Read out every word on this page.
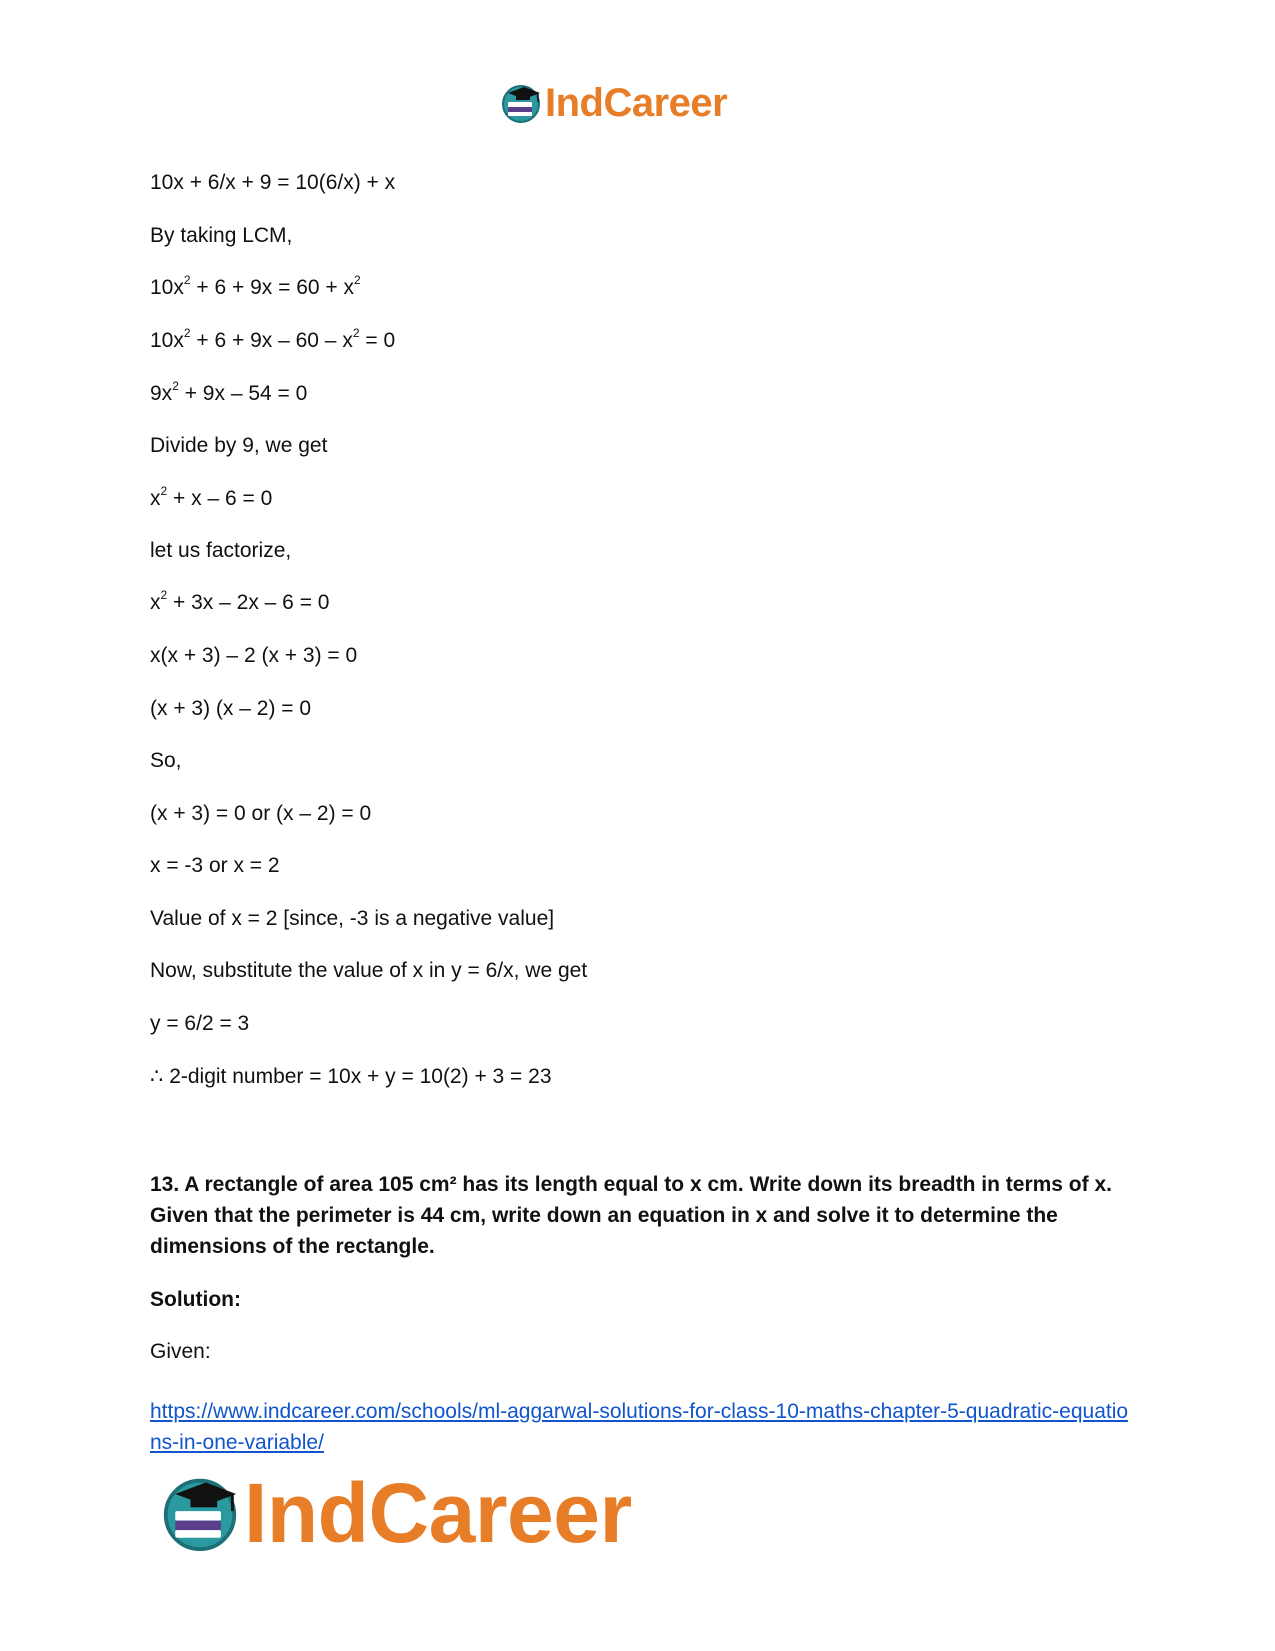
IndCareer
10x + 6/x + 9 = 10(6/x) + x
By taking LCM,
$10x^2 + 6 + 9x = 60 + x^2$
$10x^2 + 6 + 9x - 60 - x^2 = 0$
$9x^2 + 9x - 54 = 0$
Divide by 9, we get
$x^2 + x - 6 = 0$
let us factorize,
$x^2 + 3x - 2x - 6 = 0$
x(x + 3) – 2 (x + 3) = 0
(x + 3) (x – 2) = 0
So,
(x + 3) = 0 or (x – 2) = 0
x = -3 or x = 2
Value of x = 2 [since, -3 is a negative value]
Now, substitute the value of x in y = 6/x, we get
y = 6/2 = 3
∴ 2-digit number = 10x + y = 10(2) + 3 = 23
13. A rectangle of area 105 cm² has its length equal to x cm. Write down its breadth in terms of x. Given that the perimeter is 44 cm, write down an equation in x and solve it to determine the dimensions of the rectangle.
Solution:
Given:
https://www.indcareer.com/schools/ml-aggarwal-solutions-for-class-10-maths-chapter-5-quadratic-equations-in-one-variable/
IndCareer
